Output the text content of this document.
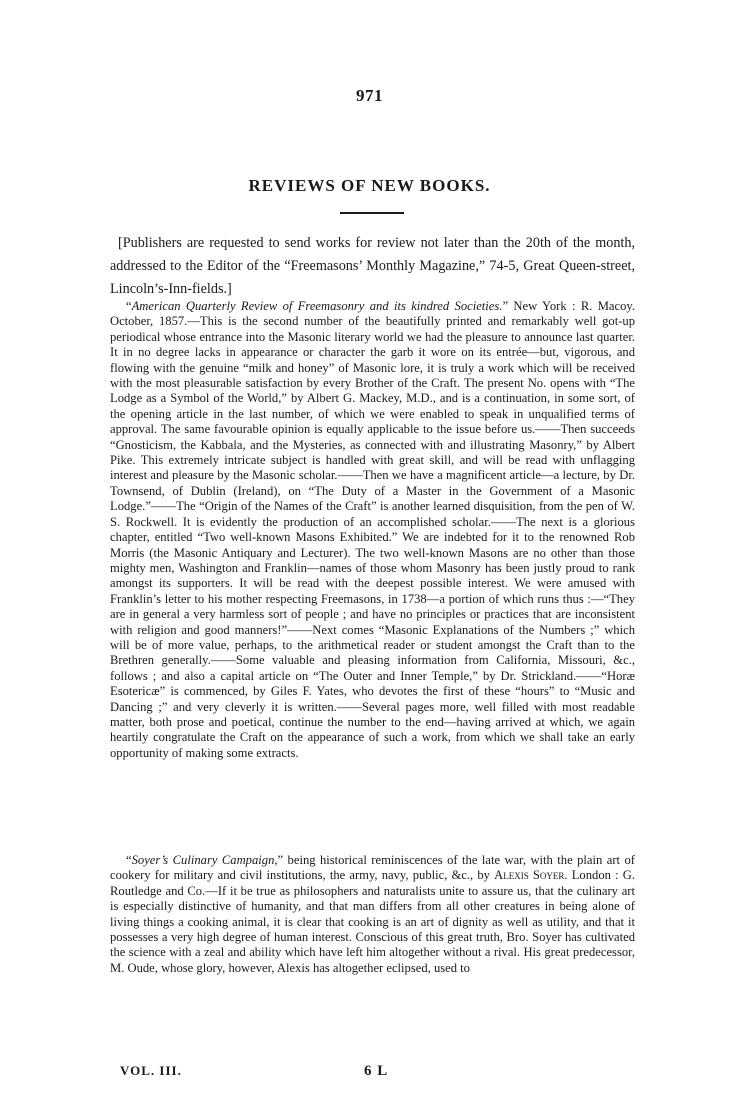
971
REVIEWS OF NEW BOOKS.
[Publishers are requested to send works for review not later than the 20th of the month, addressed to the Editor of the “Freemasons’ Monthly Magazine,” 74-5, Great Queen-street, Lincoln’s-Inn-fields.]

“American Quarterly Review of Freemasonry and its kindred Societies.” New York : R. Macoy. October, 1857.—This is the second number of the beautifully printed and remarkably well got-up periodical whose entrance into the Masonic literary world we had the pleasure to announce last quarter. It in no degree lacks in appearance or character the garb it wore on its entrée—but, vigorous, and flowing with the genuine “milk and honey” of Masonic lore, it is truly a work which will be received with the most pleasurable satisfaction by every Brother of the Craft. The present No. opens with “The Lodge as a Symbol of the World,” by Albert G. Mackey, M.D., and is a continuation, in some sort, of the opening article in the last number, of which we were enabled to speak in unqualified terms of approval. The same favourable opinion is equally applicable to the issue before us.——Then succeeds “Gnosticism, the Kabbala, and the Mysteries, as connected with and illustrating Masonry,” by Albert Pike. This extremely intricate subject is handled with great skill, and will be read with unflagging interest and pleasure by the Masonic scholar.——Then we have a magnificent article—a lecture, by Dr. Townsend, of Dublin (Ireland), on “The Duty of a Master in the Government of a Masonic Lodge.”——The “Origin of the Names of the Craft” is another learned disquisition, from the pen of W. S. Rockwell. It is evidently the production of an accomplished scholar.——The next is a glorious chapter, entitled “Two well-known Masons Exhibited.” We are indebted for it to the renowned Rob Morris (the Masonic Antiquary and Lecturer). The two well-known Masons are no other than those mighty men, Washington and Franklin—names of those whom Masonry has been justly proud to rank amongst its supporters. It will be read with the deepest possible interest. We were amused with Franklin’s letter to his mother respecting Freemasons, in 1738—a portion of which runs thus :—“They are in general a very harmless sort of people ; and have no principles or practices that are inconsistent with religion and good manners!”——Next comes “Masonic Explanations of the Numbers ;” which will be of more value, perhaps, to the arithmetical reader or student amongst the Craft than to the Brethren generally.——Some valuable and pleasing information from California, Missouri, &c., follows ; and also a capital article on “The Outer and Inner Temple,” by Dr. Strickland.——“Horæ Esotericæ” is commenced, by Giles F. Yates, who devotes the first of these “hours” to “Music and Dancing ;” and very cleverly it is written.——Several pages more, well filled with most readable matter, both prose and poetical, continue the number to the end—having arrived at which, we again heartily congratulate the Craft on the appearance of such a work, from which we shall take an early opportunity of making some extracts.

“Soyer’s Culinary Campaign,” being historical reminiscences of the late war, with the plain art of cookery for military and civil institutions, the army, navy, public, &c., by Alexis Soyer. London : G. Routledge and Co.—If it be true as philosophers and naturalists unite to assure us, that the culinary art is especially distinctive of humanity, and that man differs from all other creatures in being alone of living things a cooking animal, it is clear that cooking is an art of dignity as well as utility, and that it possesses a very high degree of human interest. Conscious of this great truth, Bro. Soyer has cultivated the science with a zeal and ability which have left him altogether without a rival. His great predecessor, M. Oude, whose glory, however, Alexis has altogether eclipsed, used to

VOL. III.	6 L
